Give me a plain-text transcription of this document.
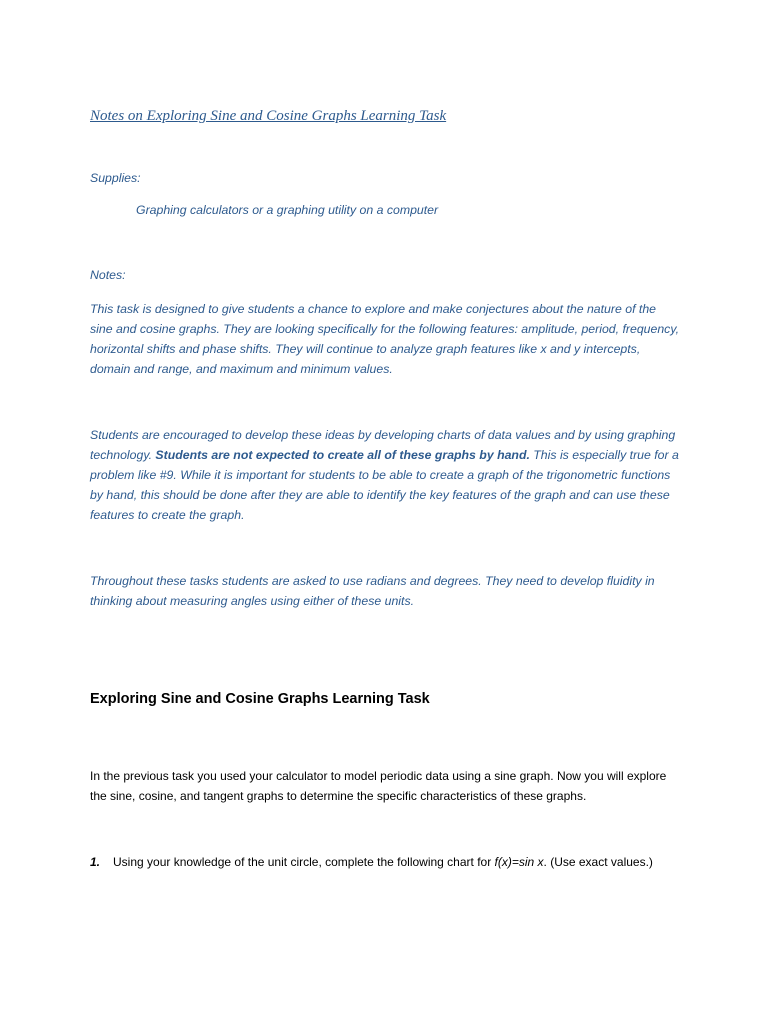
Notes on Exploring Sine and Cosine Graphs Learning Task
Supplies:
Graphing calculators or a graphing utility on a computer
Notes:
This task is designed to give students a chance to explore and make conjectures about the nature of the sine and cosine graphs. They are looking specifically for the following features: amplitude, period, frequency, horizontal shifts and phase shifts. They will continue to analyze graph features like x and y intercepts, domain and range, and maximum and minimum values.
Students are encouraged to develop these ideas by developing charts of data values and by using graphing technology. Students are not expected to create all of these graphs by hand. This is especially true for a problem like #9. While it is important for students to be able to create a graph of the trigonometric functions by hand, this should be done after they are able to identify the key features of the graph and can use these features to create the graph.
Throughout these tasks students are asked to use radians and degrees. They need to develop fluidity in thinking about measuring angles using either of these units.
Exploring Sine and Cosine Graphs Learning Task
In the previous task you used your calculator to model periodic data using a sine graph. Now you will explore the sine, cosine, and tangent graphs to determine the specific characteristics of these graphs.
1. Using your knowledge of the unit circle, complete the following chart for f(x)=sin x. (Use exact values.)
